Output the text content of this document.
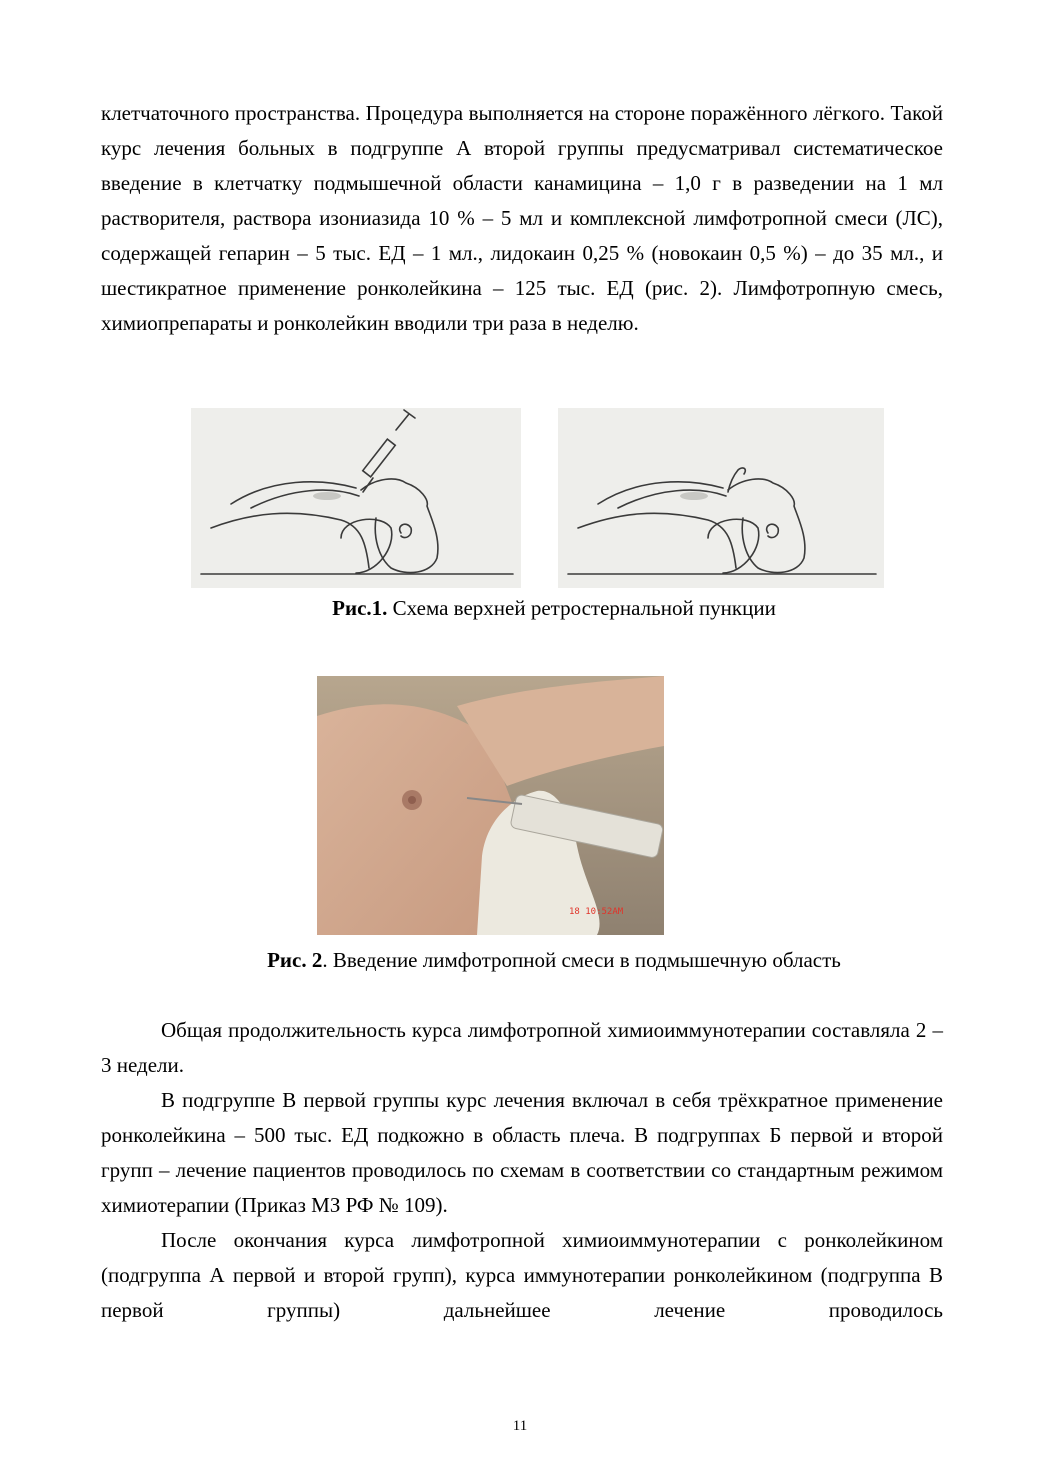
клетчаточного пространства. Процедура выполняется на стороне поражённого лёгкого. Такой курс лечения больных в подгруппе А второй группы предусматривал систематическое введение в клетчатку подмышечной области канамицина – 1,0 г в разведении на 1 мл растворителя, раствора изониазида 10 % – 5 мл и комплексной лимфотропной смеси (ЛС), содержащей гепарин – 5 тыс. ЕД – 1 мл., лидокаин 0,25 % (новокаин 0,5 %) – до 35 мл., и шестикратное применение ронколейкина – 125 тыс. ЕД (рис. 2). Лимфотропную смесь, химиопрепараты и ронколейкин вводили три раза в неделю.

Рис.1. Схема верхней ретростернальной пункции
18 10:52AM
Рис. 2. Введение лимфотропной смеси в подмышечную область

Общая продолжительность курса лимфотропной химиоиммунотерапии составляла 2 – 3 недели.

В подгруппе В первой группы курс лечения включал в себя трёхкратное применение ронколейкина – 500 тыс. ЕД подкожно в область плеча. В подгруппах Б первой и второй групп – лечение пациентов проводилось по схемам в соответствии со стандартным режимом химиотерапии (Приказ МЗ РФ № 109).

После окончания курса лимфотропной химиоиммунотерапии с ронколейкином (подгруппа А первой и второй групп), курса иммунотерапии ронколейкином (подгруппа В первой группы) дальнейшее лечение проводилось

11
